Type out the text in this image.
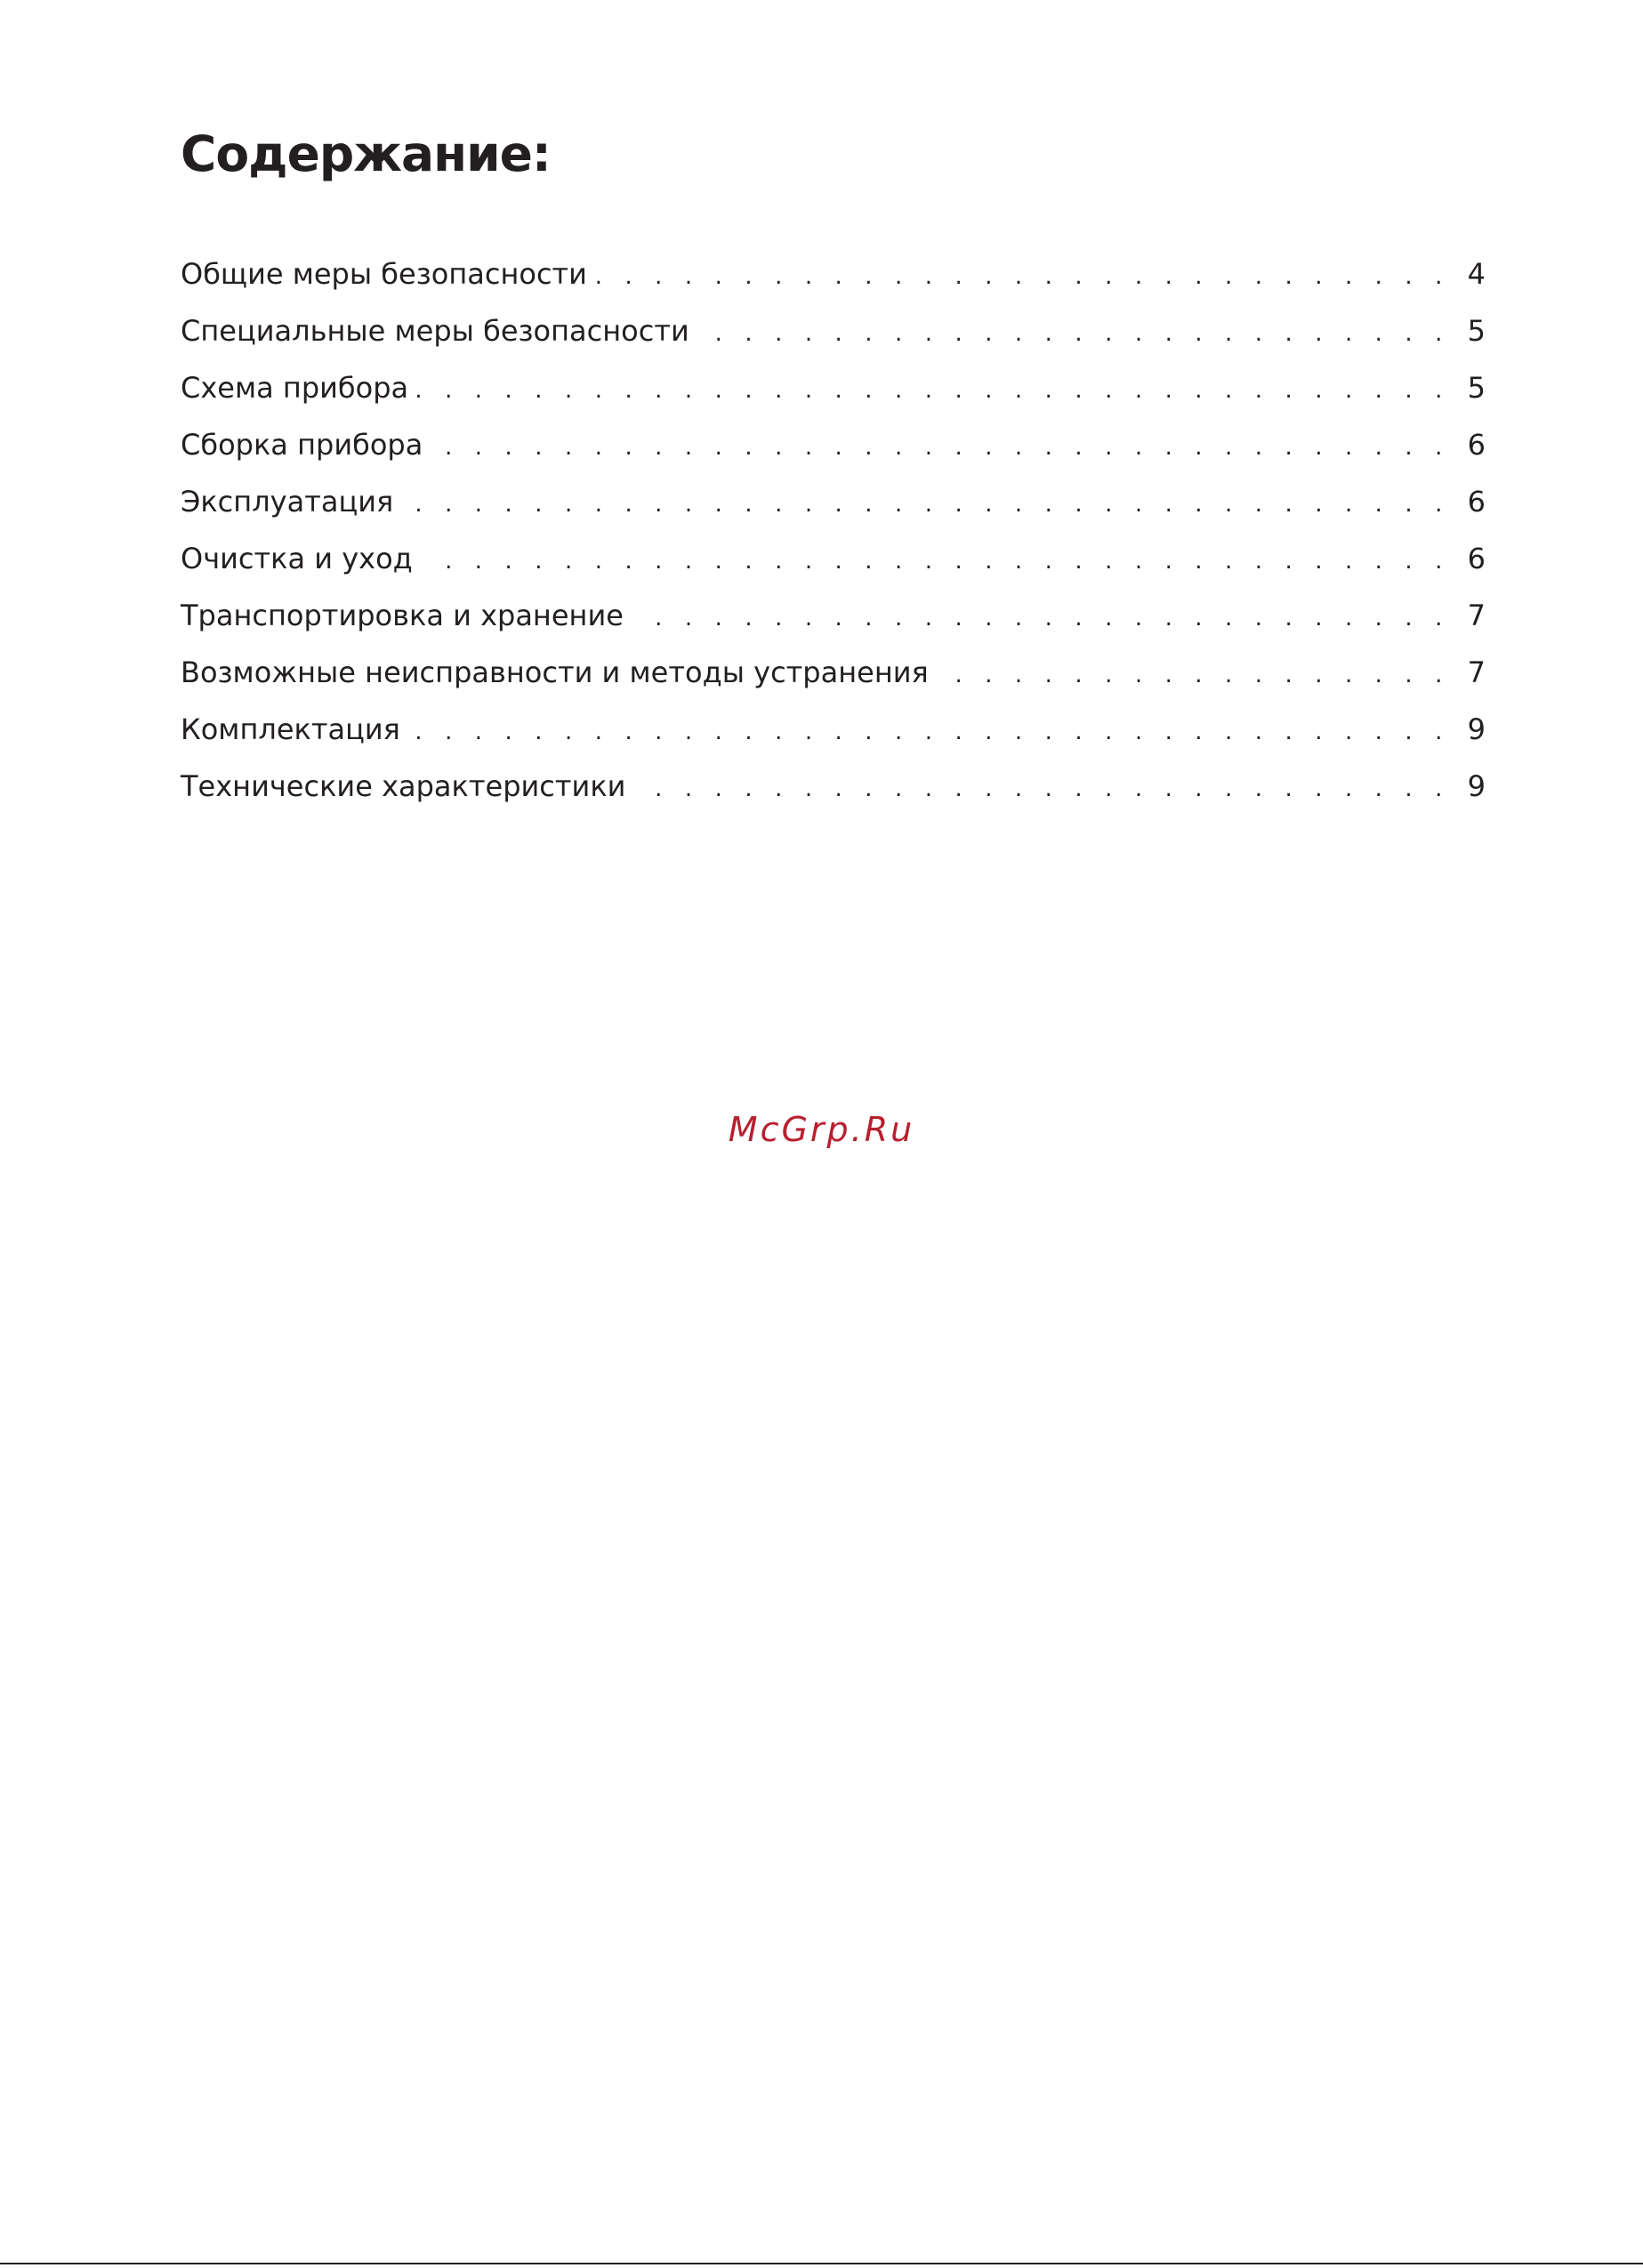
Содержание:
Общие меры безопасности . . .	4
Специальные меры безопасности . . .	5
Схема прибора . . .	5
Сборка прибора . . .	6
Эксплуатация . . .	6
Очистка и уход . . .	6
Транспортировка и хранение . . .	7
Возможные неисправности и методы устранения . . .	7
Комплектация . . .	9
Технические характеристики . . .	9
McGrp.Ru
